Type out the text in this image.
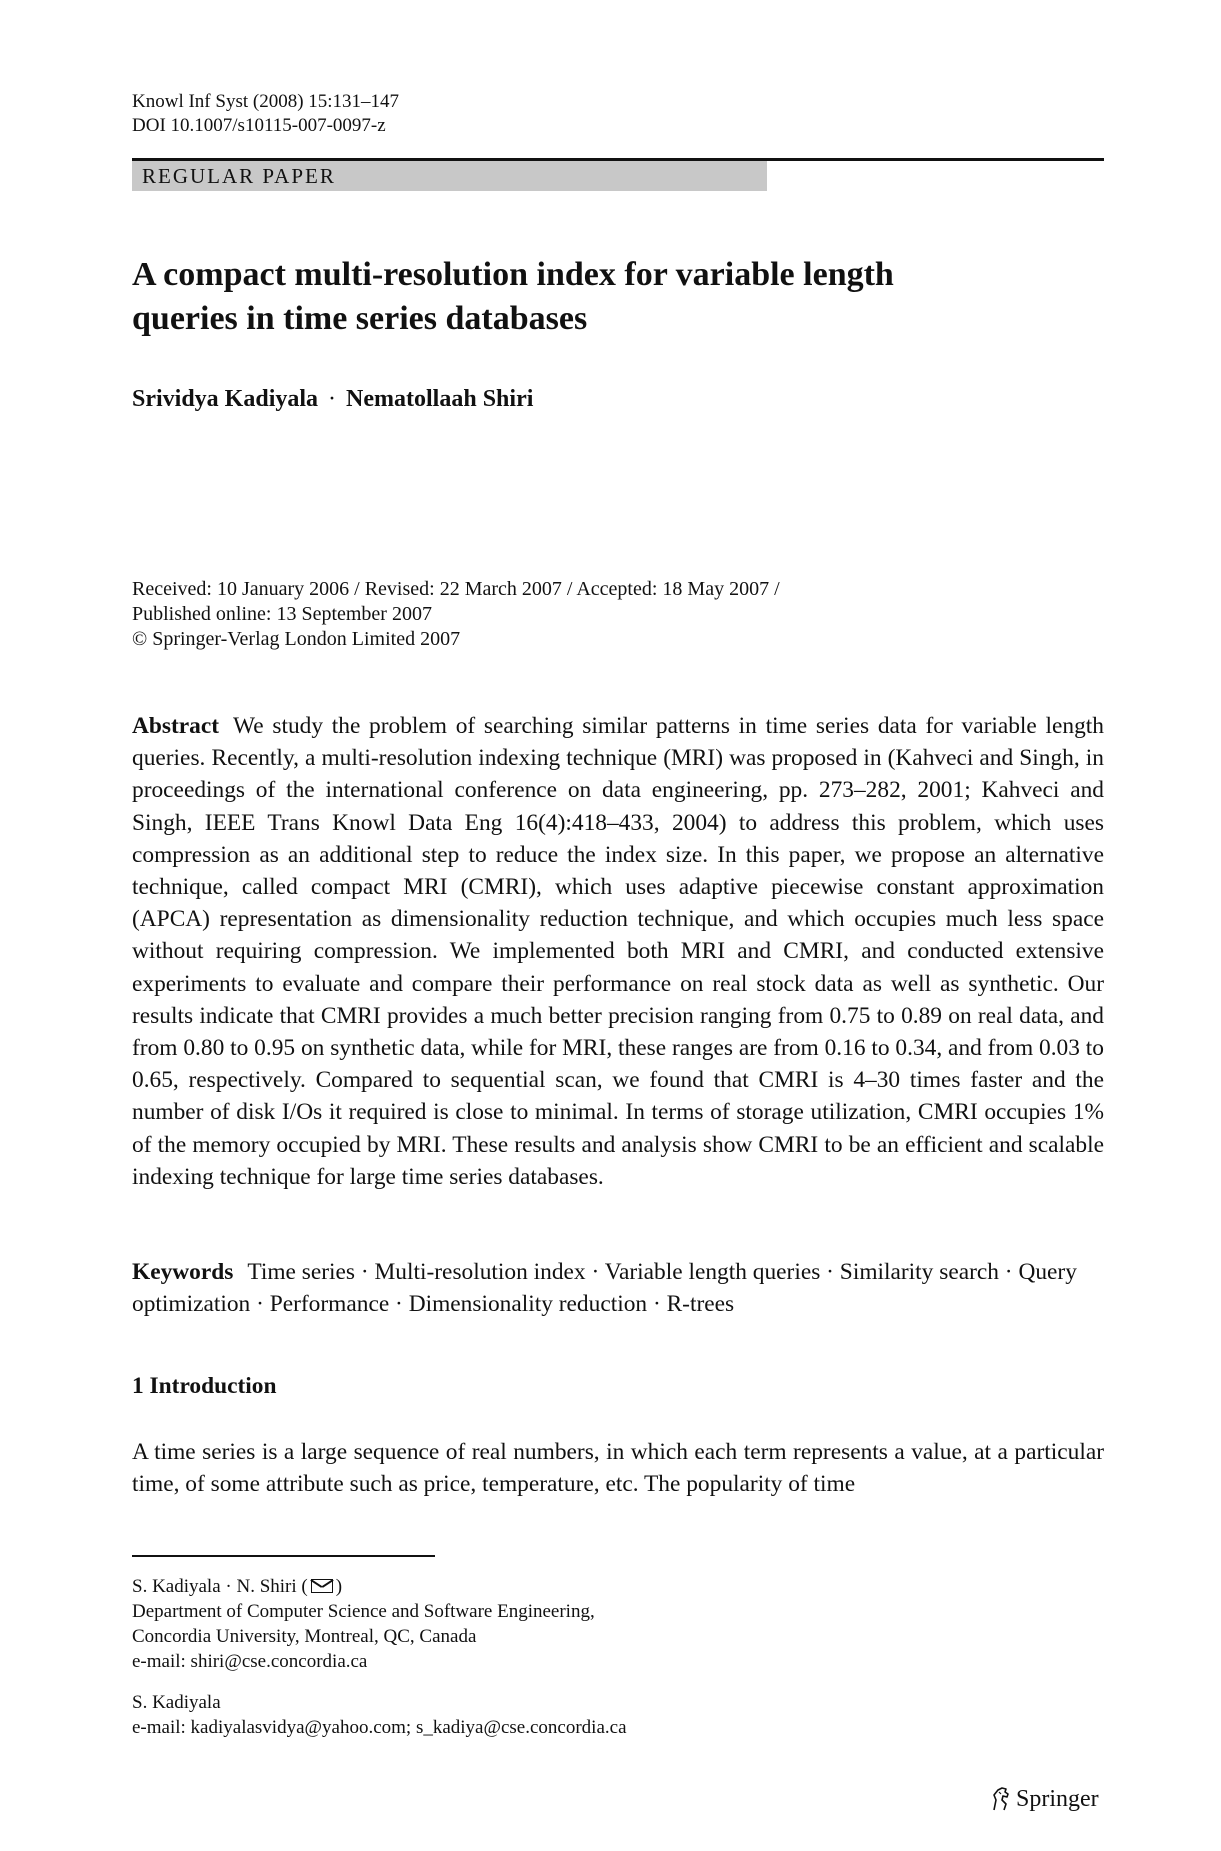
Knowl Inf Syst (2008) 15:131–147
DOI 10.1007/s10115-007-0097-z
REGULAR PAPER
A compact multi-resolution index for variable length
queries in time series databases
Srividya Kadiyala · Nematollaah Shiri
Received: 10 January 2006 / Revised: 22 March 2007 / Accepted: 18 May 2007 /
Published online: 13 September 2007
© Springer-Verlag London Limited 2007
Abstract We study the problem of searching similar patterns in time series data for variable length queries. Recently, a multi-resolution indexing technique (MRI) was proposed in (Kahveci and Singh, in proceedings of the international conference on data engineering, pp. 273–282, 2001; Kahveci and Singh, IEEE Trans Knowl Data Eng 16(4):418–433, 2004) to address this problem, which uses compression as an additional step to reduce the index size. In this paper, we propose an alternative technique, called compact MRI (CMRI), which uses adaptive piecewise constant approximation (APCA) representation as dimensionality reduction technique, and which occupies much less space without requiring compression. We implemented both MRI and CMRI, and conducted extensive experiments to evaluate and compare their performance on real stock data as well as synthetic. Our results indicate that CMRI provides a much better precision ranging from 0.75 to 0.89 on real data, and from 0.80 to 0.95 on synthetic data, while for MRI, these ranges are from 0.16 to 0.34, and from 0.03 to 0.65, respectively. Compared to sequential scan, we found that CMRI is 4–30 times faster and the number of disk I/Os it required is close to minimal. In terms of storage utilization, CMRI occupies 1% of the memory occupied by MRI. These results and analysis show CMRI to be an efficient and scalable indexing technique for large time series databases.
Keywords Time series · Multi-resolution index · Variable length queries · Similarity search · Query optimization · Performance · Dimensionality reduction · R-trees
1 Introduction
A time series is a large sequence of real numbers, in which each term represents a value, at a particular time, of some attribute such as price, temperature, etc. The popularity of time
S. Kadiyala · N. Shiri ( )
Department of Computer Science and Software Engineering,
Concordia University, Montreal, QC, Canada
e-mail: shiri@cse.concordia.ca
S. Kadiyala
e-mail: kadiyalasvidya@yahoo.com; s_kadiya@cse.concordia.ca
Springer
